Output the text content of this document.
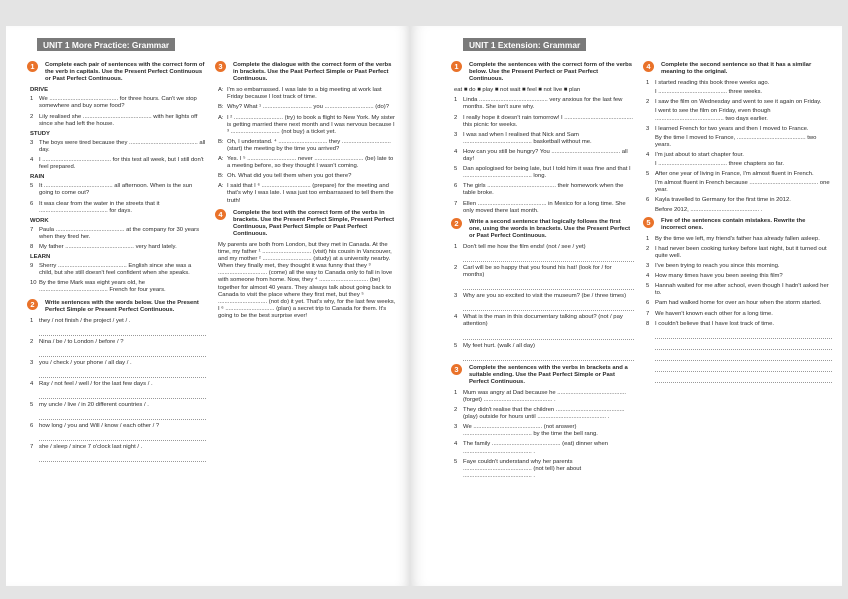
UNIT 1 More Practice: Grammar
1	Complete each pair of sentences with the correct form of the verb in capitals. Use the Present Perfect Continuous or Past Perfect Continuous.
DRIVE
1 We .......................................... for three hours. Can't we stop somewhere and buy some food?
2 Lily realised she .......................................... with her lights off since she had left the house.
STUDY
3 The boys were tired because they .......................................... all day.
4 I .......................................... for this test all week, but I still don't feel prepared.
RAIN
5 It .......................................... all afternoon. When is the sun going to come out?
6 It was clear from the water in the streets that it .......................................... for days.
WORK
7 Paula .......................................... at the company for 30 years when they fired her.
8 My father .......................................... very hard lately.
LEARN
9 Sherry .......................................... English since she was a child, but she still doesn't feel confident when she speaks.
10 By the time Mark was eight years old, he .......................................... French for four years.
2	Write sentences with the words below. Use the Present Perfect Simple or Present Perfect Continuous.
1 they / not finish / the project / yet / .
2 Nina / be / to London / before / ?
3 you / check / your phone / all day / .
4 Ray / not feel / well / for the last few days / .
5 my uncle / live / in 20 different countries / .
6 how long / you and Will / know / each other / ?
7 she / sleep / since 7 o'clock last night / .
3	Complete the dialogue with the correct form of the verbs in brackets. Use the Past Perfect Simple or Past Perfect Continuous.
A: I'm so embarrassed. I was late to a big meeting at work last Friday because I lost track of time.
B: Why? What ¹ .............................. you .............................. (do)?
A: I ² .............................. (try) to book a flight to New York. My sister is getting married there next month and I was nervous because I ³ .............................. (not buy) a ticket yet.
B: Oh, I understand. ⁴ .............................. they .............................. (start) the meeting by the time you arrived?
A: Yes. I ⁵ .............................. never .............................. (be) late to a meeting before, so they thought I wasn't coming.
B: Oh. What did you tell them when you got there?
A: I said that I ⁶ .............................. (prepare) for the meeting and that's why I was late. I was just too embarrassed to tell them the truth!
4	Complete the text with the correct form of the verbs in brackets. Use the Present Perfect Simple, Present Perfect Continuous, Past Perfect Simple or Past Perfect Continuous.
My parents are both from London, but they met in Canada. At the time, my father ¹ .............................. (visit) his cousin in Vancouver, and my mother ² .............................. (study) at a university nearby. When they finally met, they thought it was funny that they ³ .............................. (come) all the way to Canada only to fall in love with someone from home. Now, they ⁴ .............................. (be) together for almost 40 years. They always talk about going back to Canada to visit the place where they first met, but they ⁵ .............................. (not do) it yet. That's why, for the last few weeks, I ⁶ .............................. (plan) a secret trip to Canada for them. It's going to be the best surprise ever!
UNIT 1 Extension: Grammar
1	Complete the sentences with the correct form of the verbs below. Use the Present Perfect or Past Perfect Continuous.
eat ■ do ■ play ■ not wait ■ feel ■ not live ■ plan
1 Linda .......................................... very anxious for the last few months. She isn't sure why.
2 I really hope it doesn't rain tomorrow! I .......................................... this picnic for weeks.
3 I was sad when I realised that Nick and Sam .......................................... basketball without me.
4 How can you still be hungry? You .......................................... all day!
5 Dan apologised for being late, but I told him it was fine and that I .......................................... long.
6 The girls .......................................... their homework when the table broke.
7 Ellen .......................................... in Mexico for a long time. She only moved there last month.
2	Write a second sentence that logically follows the first one, using the words in brackets. Use the Present Perfect or Past Perfect Continuous.
1 Don't tell me how the film ends! (not / see / yet)
2 Carl will be so happy that you found his hat! (look for / for months)
3 Why are you so excited to visit the museum? (be / three times)
4 What is the man in this documentary talking about? (not / pay attention)
5 My feet hurt. (walk / all day)
3	Complete the sentences with the verbs in brackets and a suitable ending. Use the Past Perfect Simple or Past Perfect Continuous.
1 Mum was angry at Dad because he .......................................... (forget) .......................................... .
2 They didn't realise that the children .......................................... (play) outside for hours until .......................................... .
3 We .......................................... (not answer) .......................................... by the time the bell rang.
4 The family .......................................... (eat) dinner when .......................................... .
5 Faye couldn't understand why her parents .......................................... (not tell) her about .......................................... .
4	Complete the second sentence so that it has a similar meaning to the original.
1 I started reading this book three weeks ago.
I .......................................... three weeks.
2 I saw the film on Wednesday and went to see it again on Friday.
I went to see the film on Friday, even though .......................................... two days earlier.
3 I learned French for two years and then I moved to France.
By the time I moved to France, .......................................... two years.
4 I'm just about to start chapter four.
I .......................................... three chapters so far.
5 After one year of living in France, I'm almost fluent in French.
I'm almost fluent in French because .......................................... one year.
6 Kayla travelled to Germany for the first time in 2012.
Before 2012, .......................................... .
5	Five of the sentences contain mistakes. Rewrite the incorrect ones.
1 By the time we left, my friend's father has already fallen asleep.
2 I had never been cooking turkey before last night, but it turned out quite well.
3 I've been trying to reach you since this morning.
4 How many times have you been seeing this film?
5 Hannah waited for me after school, even though I hadn't asked her to.
6 Pam had walked home for over an hour when the storm started.
7 We haven't known each other for a long time.
8 I couldn't believe that I have lost track of time.
